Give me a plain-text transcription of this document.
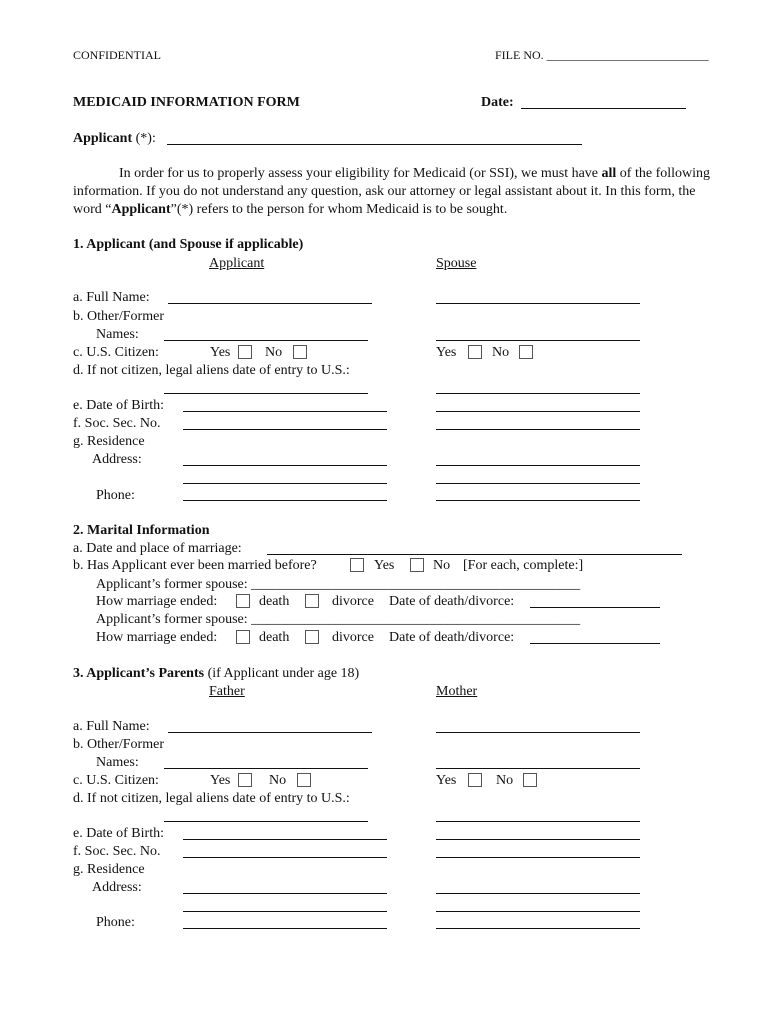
CONFIDENTIAL	FILE NO. ___________________________
MEDICAID INFORMATION FORM	Date:
Applicant (*):
In order for us to properly assess your eligibility for Medicaid (or SSI), we must have all of the following information. If you do not understand any question, ask our attorney or legal assistant about it. In this form, the word “Applicant”(*) refers to the person for whom Medicaid is to be sought.
1. Applicant (and Spouse if applicable)
Applicant	Spouse
a. Full Name:
b. Other/Former
Names:
c. U.S. Citizen:	Yes No	Yes	No
d. If not citizen, legal aliens date of entry to U.S.:
e. Date of Birth:
f. Soc. Sec. No.
g. Residence
Address:
Phone:
2. Marital Information
a. Date and place of marriage:
b. Has Applicant ever been married before?	Yes	No [For each, complete:]
Applicant’s former spouse: _______________________________________________
How marriage ended:	death	divorce Date of death/divorce:
Applicant’s former spouse: _______________________________________________
How marriage ended:	death	divorce Date of death/divorce:
3. Applicant’s Parents (if Applicant under age 18)
Father	Mother
a. Full Name:
b. Other/Former
Names:
c. U.S. Citizen:	Yes	No	Yes	No
d. If not citizen, legal aliens date of entry to U.S.:
e. Date of Birth:
f. Soc. Sec. No.
g. Residence
Address:
Phone:
